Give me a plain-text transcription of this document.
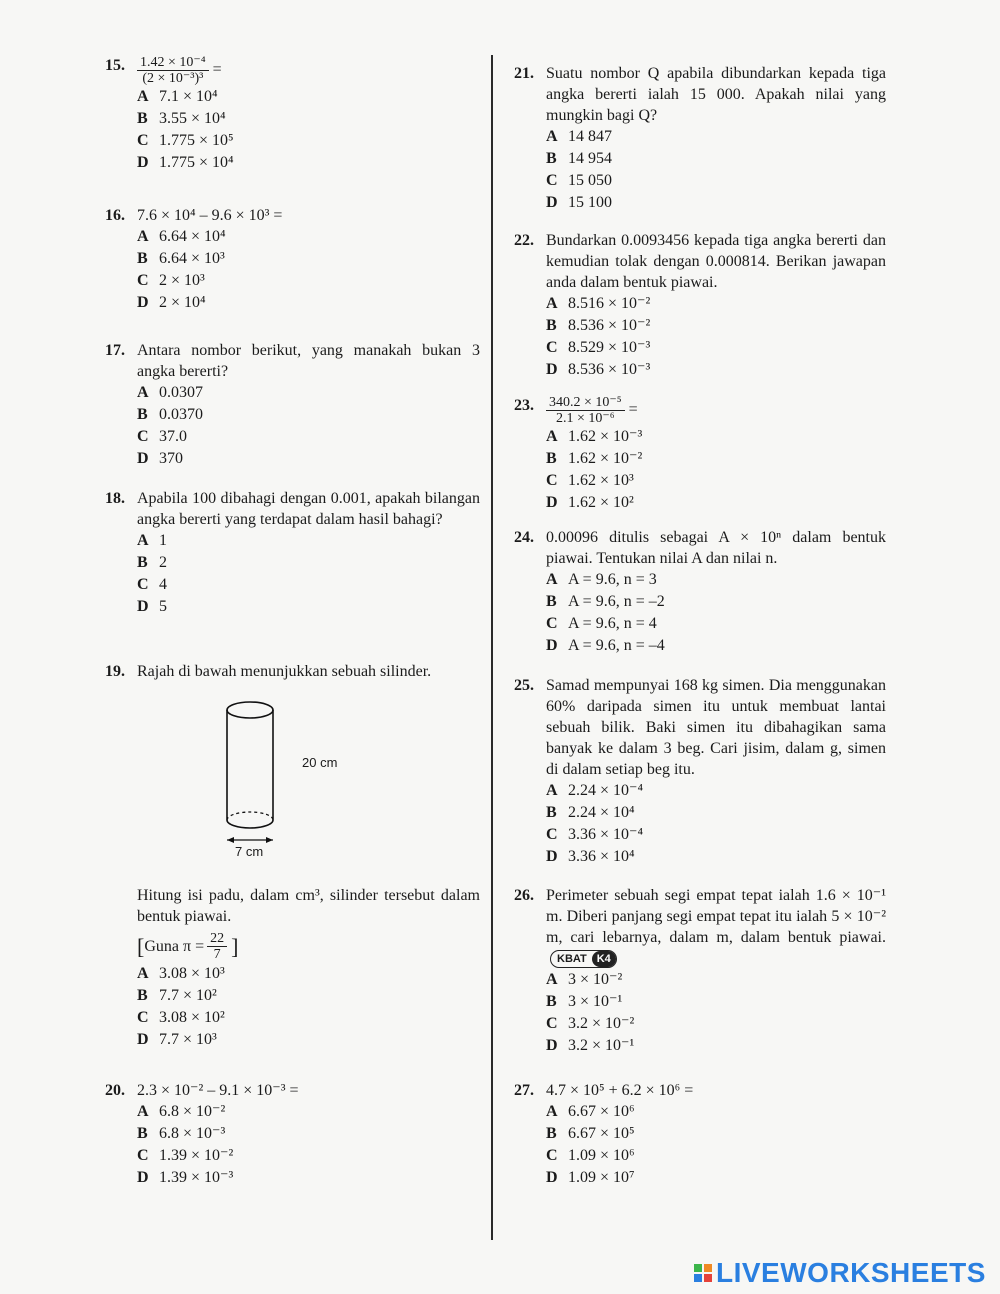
15. $\frac{\text{1.42 × 10⁻⁴}}{\text{(2 × 10⁻³)³}}$ =
A 7.1 × 10⁴
B 3.55 × 10⁴
C 1.775 × 10⁵
D 1.775 × 10⁴
16. 7.6 × 10⁴ – 9.6 × 10³ =
A 6.64 × 10⁴
B 6.64 × 10³
C 2 × 10³
D 2 × 10⁴
17. Antara nombor berikut, yang manakah bukan 3 angka bererti?
A 0.0307
B 0.0370
C 37.0
D 370
18. Apabila 100 dibahagi dengan 0.001, apakah bilangan angka bererti yang terdapat dalam hasil bahagi?
A 1
B 2
C 4
D 5
19. Rajah di bawah menunjukkan sebuah silinder.
20 cm
7 cm
Hitung isi padu, dalam cm³, silinder tersebut dalam bentuk piawai.
[ Guna $\pi = \frac{22}{7}$ ]
A 3.08 × 10³
B 7.7 × 10²
C 3.08 × 10²
D 7.7 × 10³
20. 2.3 × 10⁻² – 9.1 × 10⁻³ =
A 6.8 × 10⁻²
B 6.8 × 10⁻³
C 1.39 × 10⁻²
D 1.39 × 10⁻³
21. Suatu nombor Q apabila dibundarkan kepada tiga angka bererti ialah 15 000. Apakah nilai yang mungkin bagi Q?
A 14 847
B 14 954
C 15 050
D 15 100
22. Bundarkan 0.0093456 kepada tiga angka bererti dan kemudian tolak dengan 0.000814. Berikan jawapan anda dalam bentuk piawai.
A 8.516 × 10⁻²
B 8.536 × 10⁻²
C 8.529 × 10⁻³
D 8.536 × 10⁻³
23. $\frac{\text{340.2 × 10⁻⁵}}{\text{2.1 × 10⁻⁶}}$ =
A 1.62 × 10⁻³
B 1.62 × 10⁻²
C 1.62 × 10³
D 1.62 × 10²
24. 0.00096 ditulis sebagai A × 10ⁿ dalam bentuk piawai. Tentukan nilai A dan nilai n.
A A = 9.6, n = 3
B A = 9.6, n = –2
C A = 9.6, n = 4
D A = 9.6, n = –4
25. Samad mempunyai 168 kg simen. Dia menggunakan 60% daripada simen itu untuk membuat lantai sebuah bilik. Baki simen itu dibahagikan sama banyak ke dalam 3 beg. Cari jisim, dalam g, simen di dalam setiap beg itu.
A 2.24 × 10⁻⁴
B 2.24 × 10⁴
C 3.36 × 10⁻⁴
D 3.36 × 10⁴
26. Perimeter sebuah segi empat tepat ialah 1.6 × 10⁻¹ m. Diberi panjang segi empat tepat itu ialah 5 × 10⁻² m, cari lebarnya, dalam m, dalam bentuk piawai.
KBAT K4
A 3 × 10⁻²
B 3 × 10⁻¹
C 3.2 × 10⁻²
D 3.2 × 10⁻¹
27. 4.7 × 10⁵ + 6.2 × 10⁶ =
A 6.67 × 10⁶
B 6.67 × 10⁵
C 1.09 × 10⁶
D 1.09 × 10⁷
LIVEWORKSHEETS
